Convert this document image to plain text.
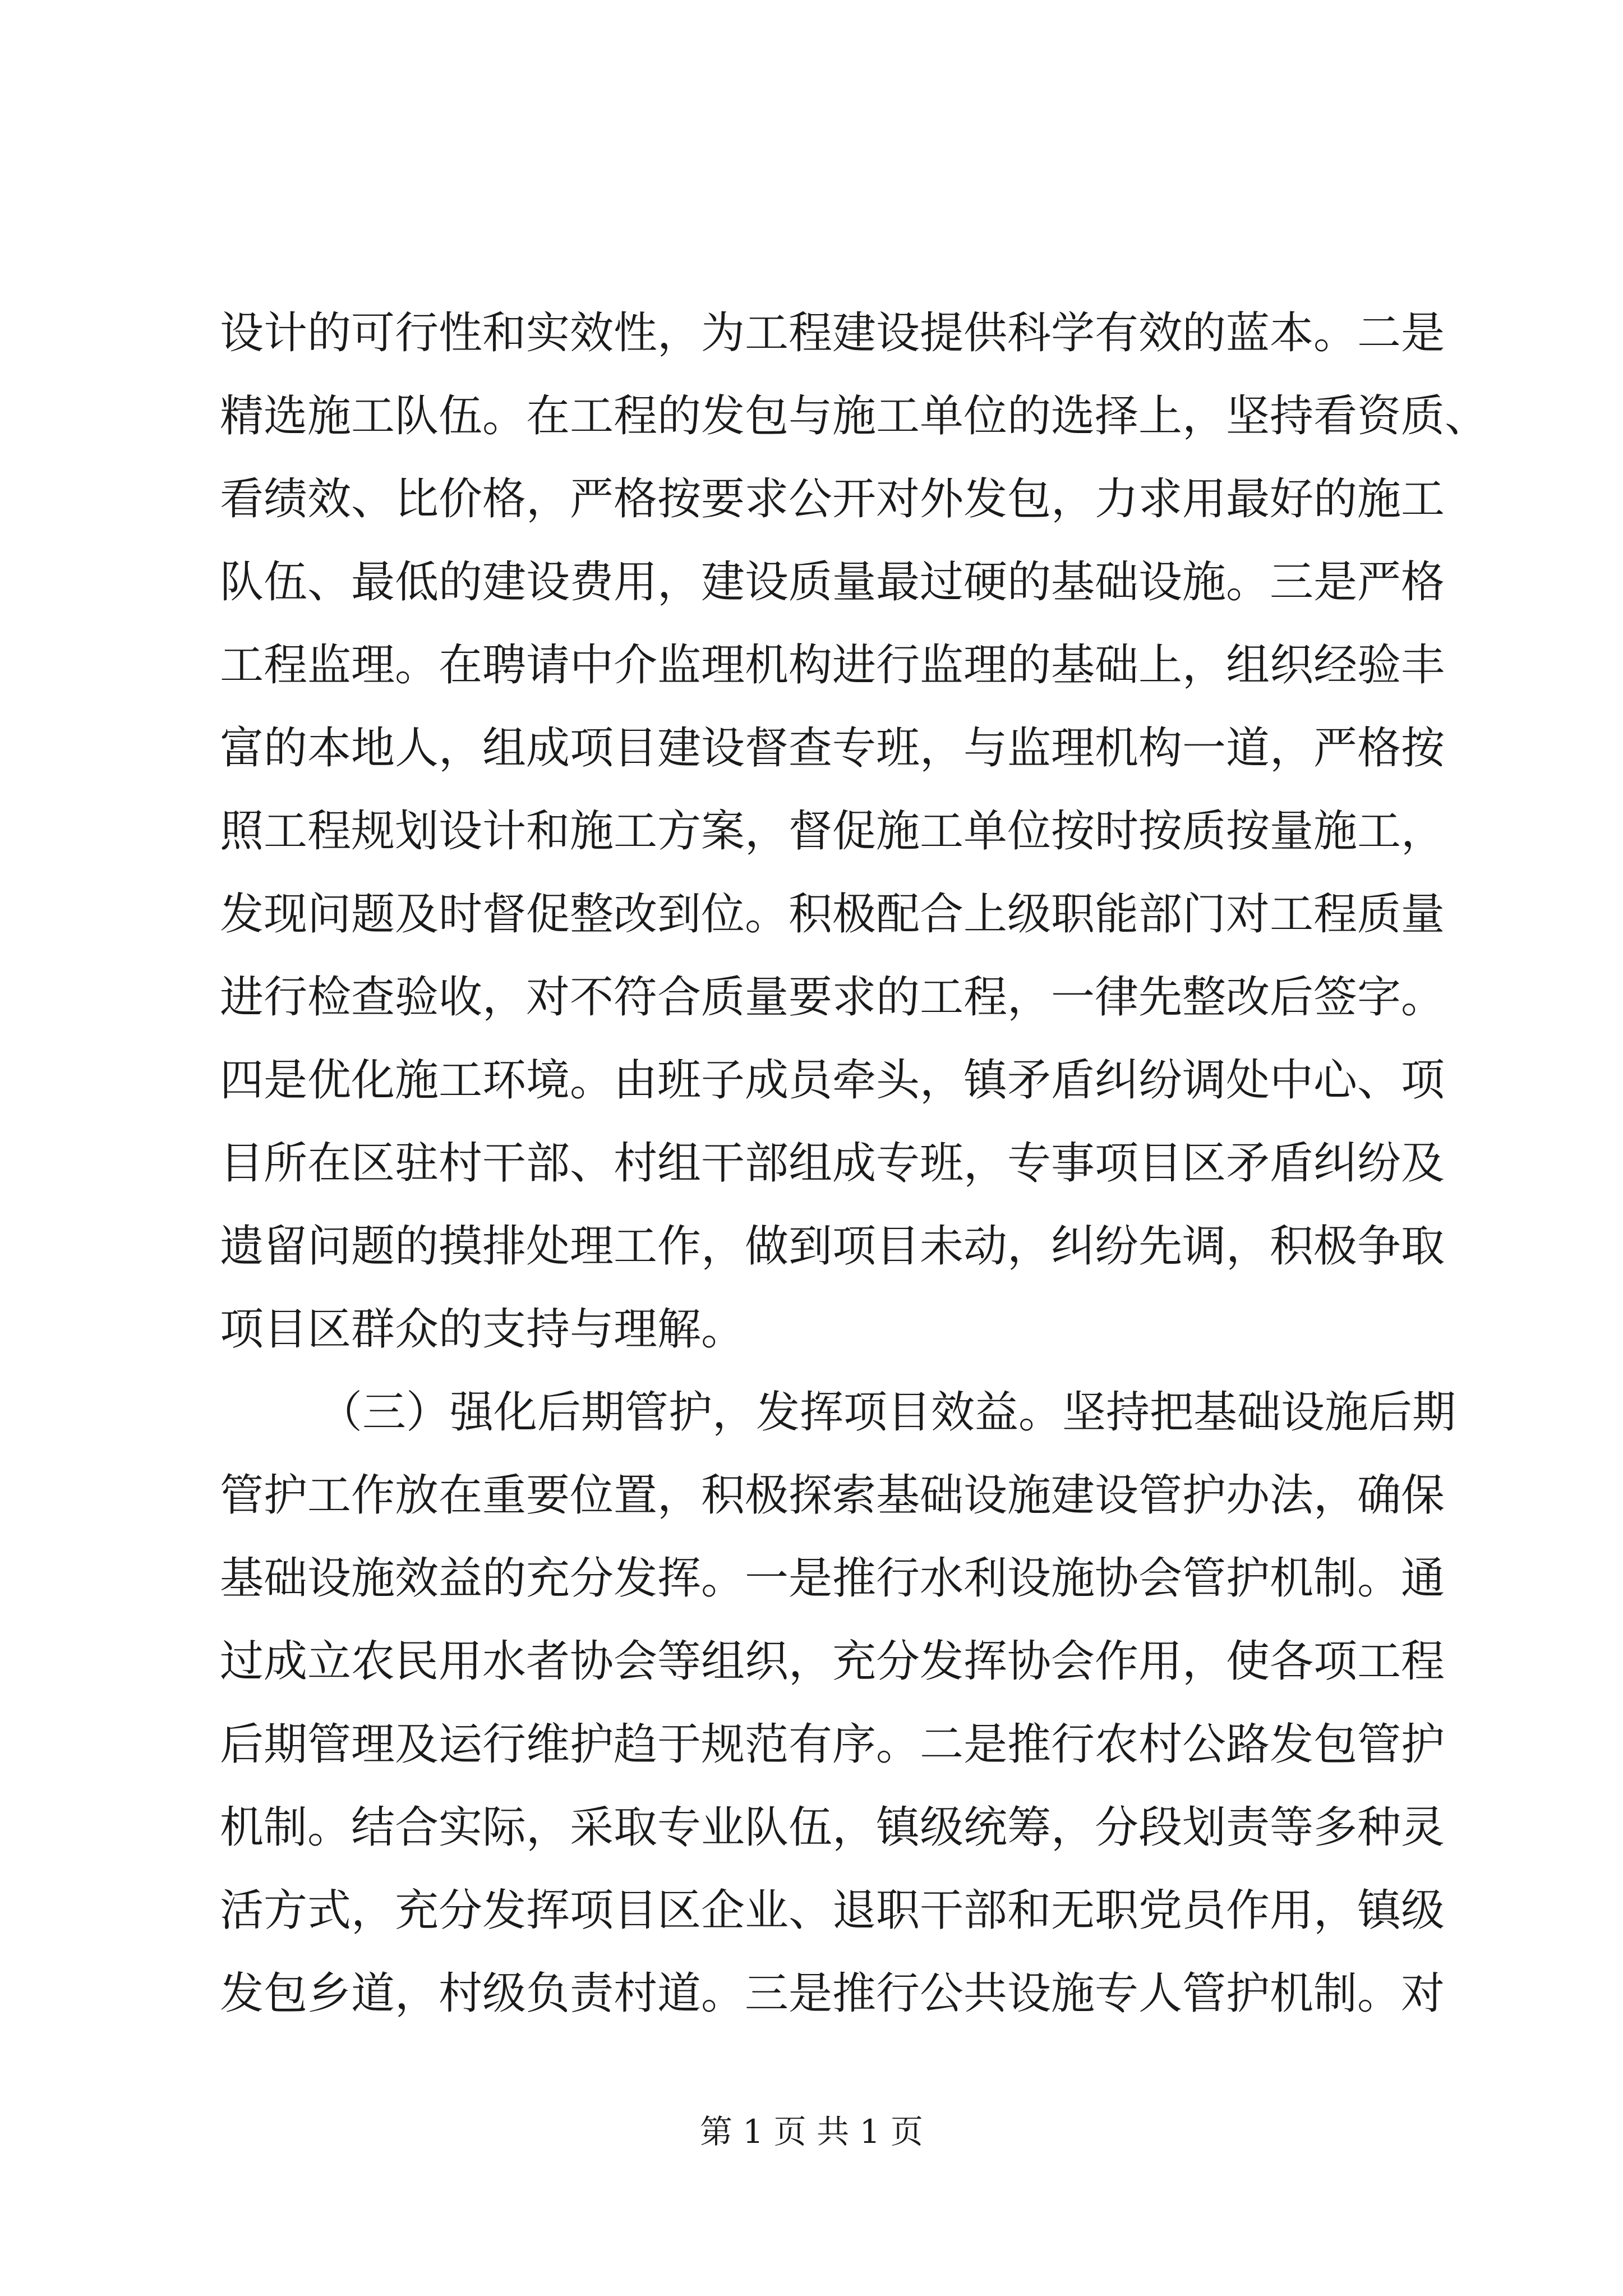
设计的可行性和实效性，为工程建设提供科学有效的蓝本。二是
精选施工队伍。在工程的发包与施工单位的选择上，坚持看资质、
看绩效、比价格，严格按要求公开对外发包，力求用最好的施工
队伍、最低的建设费用，建设质量最过硬的基础设施。三是严格
工程监理。在聘请中介监理机构进行监理的基础上，组织经验丰
富的本地人，组成项目建设督查专班，与监理机构一道，严格按
照工程规划设计和施工方案，督促施工单位按时按质按量施工，
发现问题及时督促整改到位。积极配合上级职能部门对工程质量
进行检查验收，对不符合质量要求的工程，一律先整改后签字。
四是优化施工环境。由班子成员牵头，镇矛盾纠纷调处中心、项
目所在区驻村干部、村组干部组成专班，专事项目区矛盾纠纷及
遗留问题的摸排处理工作，做到项目未动，纠纷先调，积极争取
项目区群众的支持与理解。
（三）强化后期管护，发挥项目效益。坚持把基础设施后期
管护工作放在重要位置，积极探索基础设施建设管护办法，确保
基础设施效益的充分发挥。一是推行水利设施协会管护机制。通
过成立农民用水者协会等组织，充分发挥协会作用，使各项工程
后期管理及运行维护趋于规范有序。二是推行农村公路发包管护
机制。结合实际，采取专业队伍，镇级统筹，分段划责等多种灵
活方式，充分发挥项目区企业、退职干部和无职党员作用，镇级
发包乡道，村级负责村道。三是推行公共设施专人管护机制。对
第 1 页 共 1 页
